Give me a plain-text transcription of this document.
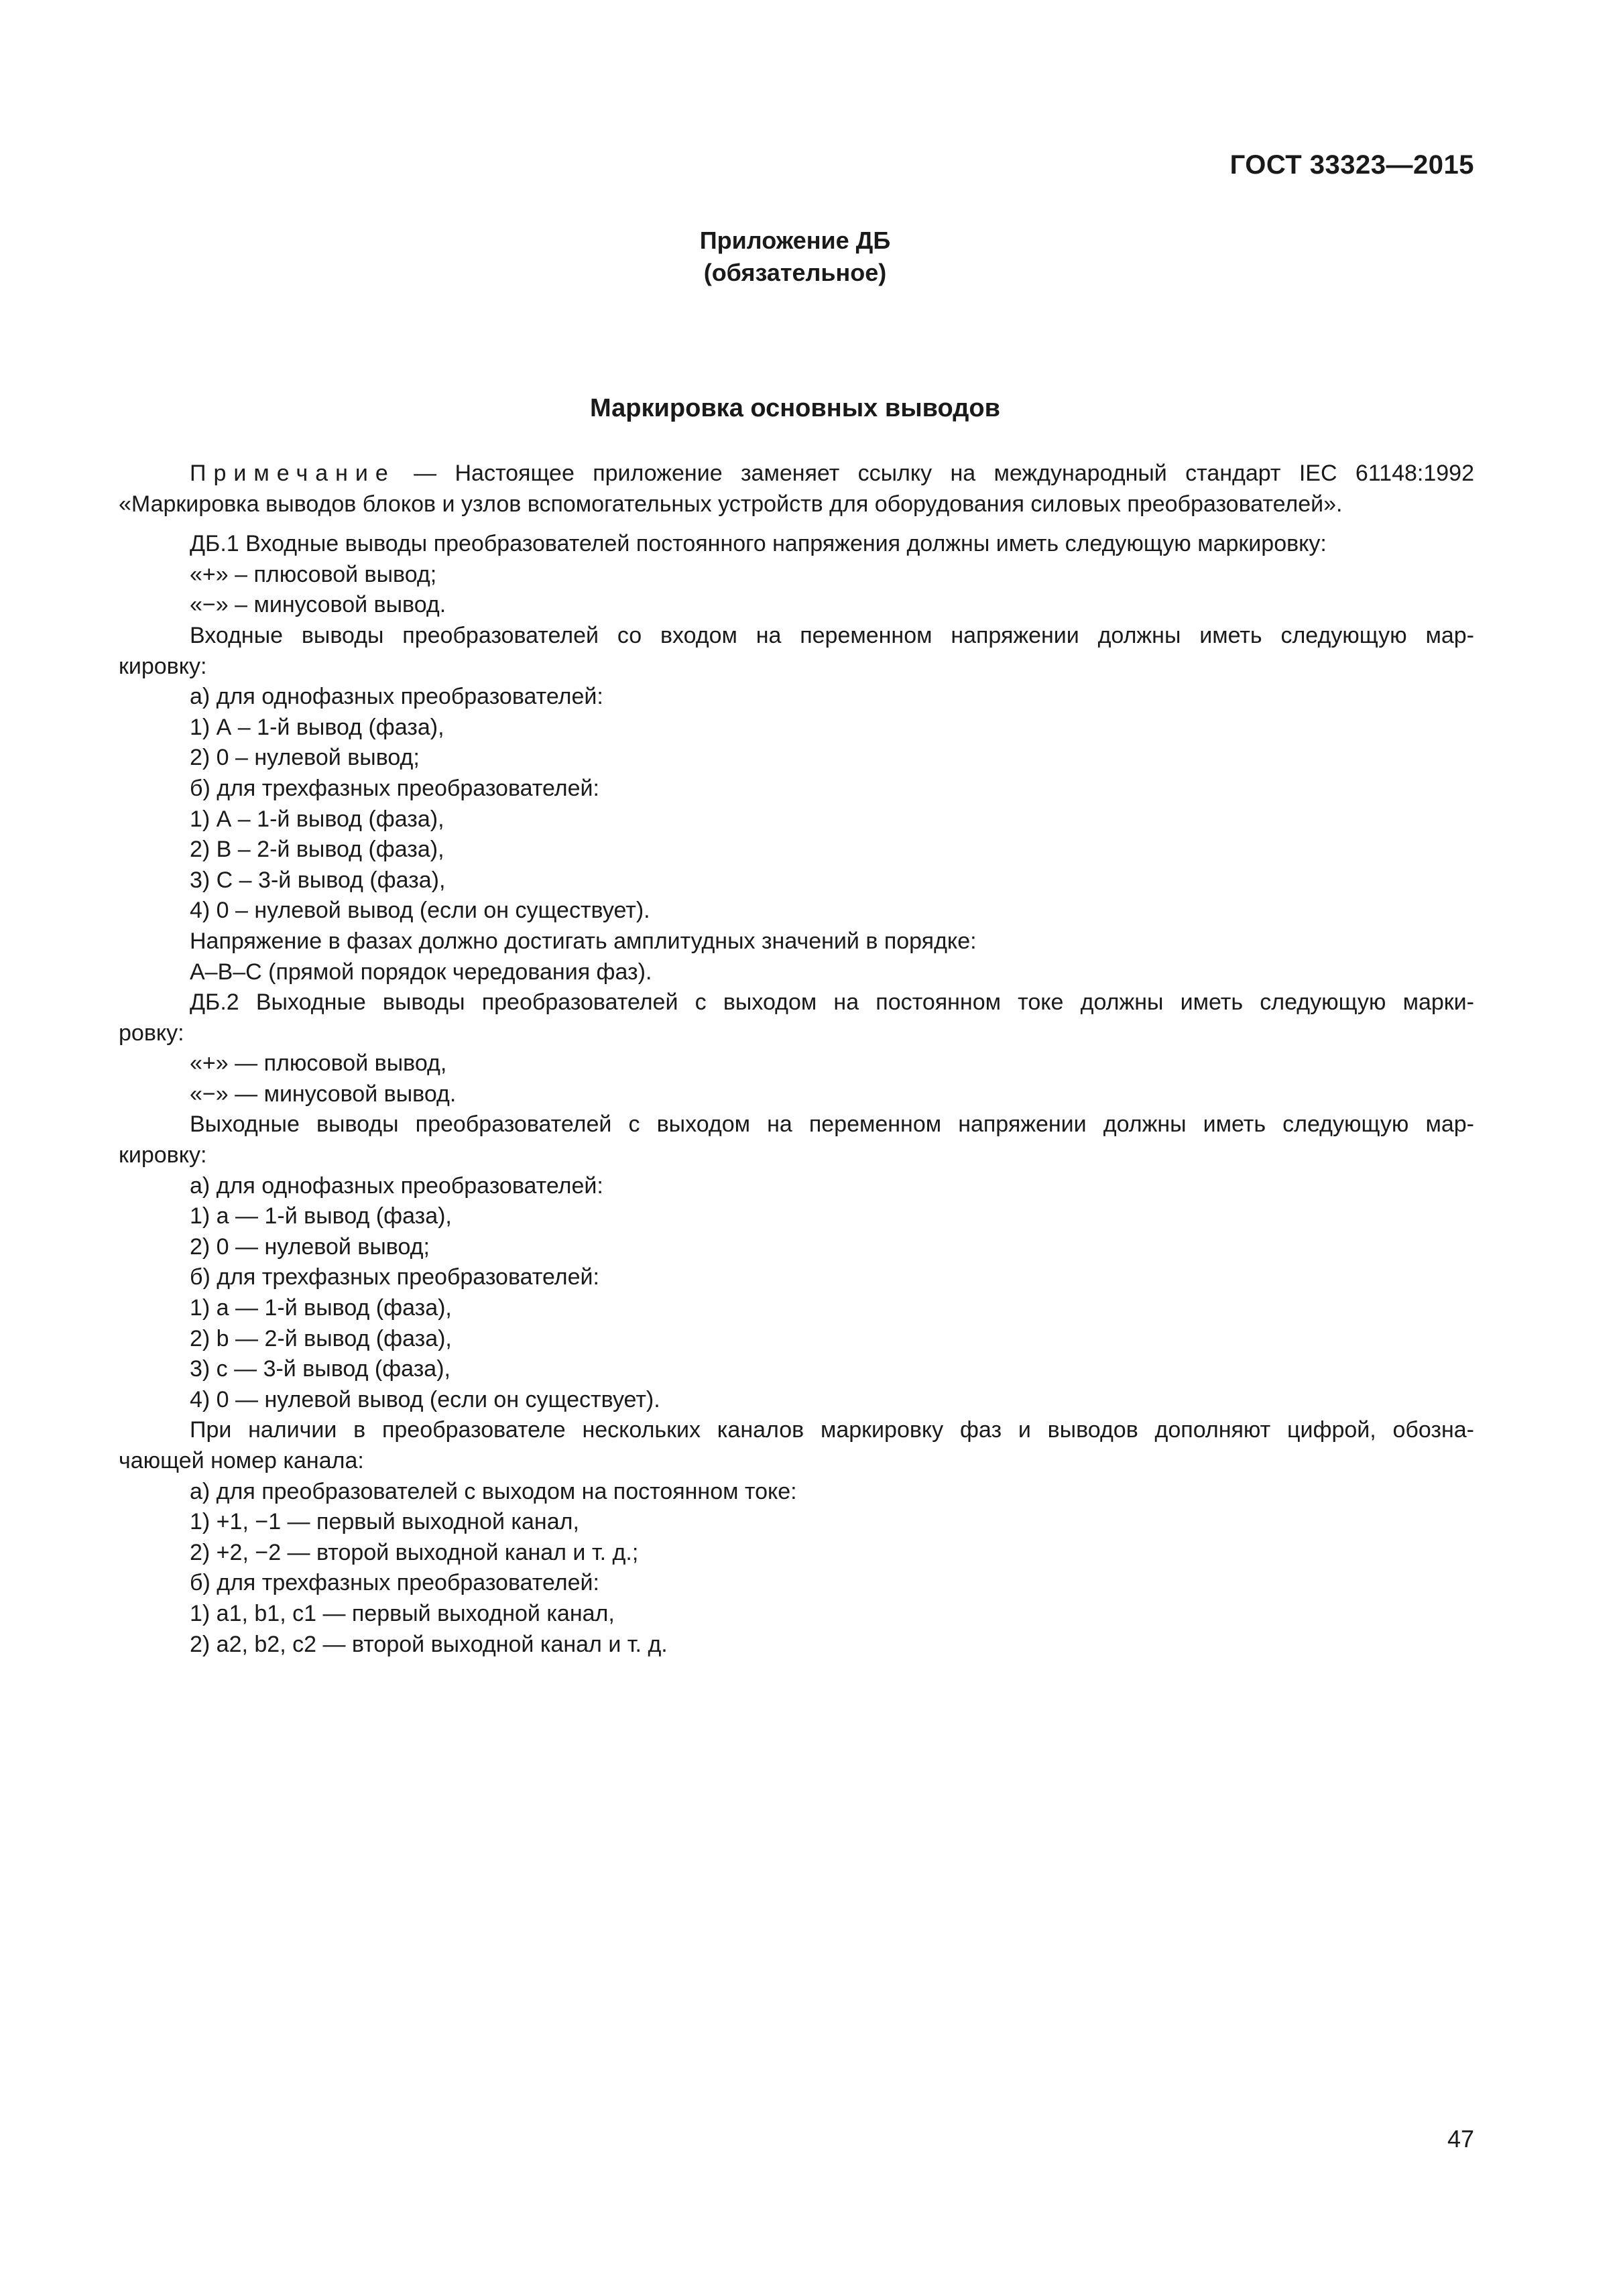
ГОСТ 33323—2015
Приложение ДБ
(обязательное)
Маркировка основных выводов
Примечание — Настоящее приложение заменяет ссылку на международный стандарт IEC 61148:1992
«Маркировка выводов блоков и узлов вспомогательных устройств для оборудования силовых преобразователей».
ДБ.1 Входные выводы преобразователей постоянного напряжения должны иметь следующую маркировку:
«+» – плюсовой вывод;
«−» – минусовой вывод.
Входные выводы преобразователей со входом на переменном напряжении должны иметь следующую мар-
кировку:
а) для однофазных преобразователей:
1) А – 1-й вывод (фаза),
2) 0 – нулевой вывод;
б) для трехфазных преобразователей:
1) А – 1-й вывод (фаза),
2) В – 2-й вывод (фаза),
3) С – 3-й вывод (фаза),
4) 0 – нулевой вывод (если он существует).
Напряжение в фазах должно достигать амплитудных значений в порядке:
А–В–С (прямой порядок чередования фаз).
ДБ.2 Выходные выводы преобразователей с выходом на постоянном токе должны иметь следующую марки-
ровку:
«+» — плюсовой вывод,
«−» — минусовой вывод.
Выходные выводы преобразователей с выходом на переменном напряжении должны иметь следующую мар-
кировку:
а) для однофазных преобразователей:
1) а — 1-й вывод (фаза),
2) 0 — нулевой вывод;
б) для трехфазных преобразователей:
1) а — 1-й вывод (фаза),
2) b — 2-й вывод (фаза),
3) с — 3-й вывод (фаза),
4) 0 — нулевой вывод (если он существует).
При наличии в преобразователе нескольких каналов маркировку фаз и выводов дополняют цифрой, обозна-
чающей номер канала:
а) для преобразователей с выходом на постоянном токе:
1) +1, −1 — первый выходной канал,
2) +2, −2 — второй выходной канал и т. д.;
б) для трехфазных преобразователей:
1) а1, b1, с1 — первый выходной канал,
2) а2, b2, с2 — второй выходной канал и т. д.
47
